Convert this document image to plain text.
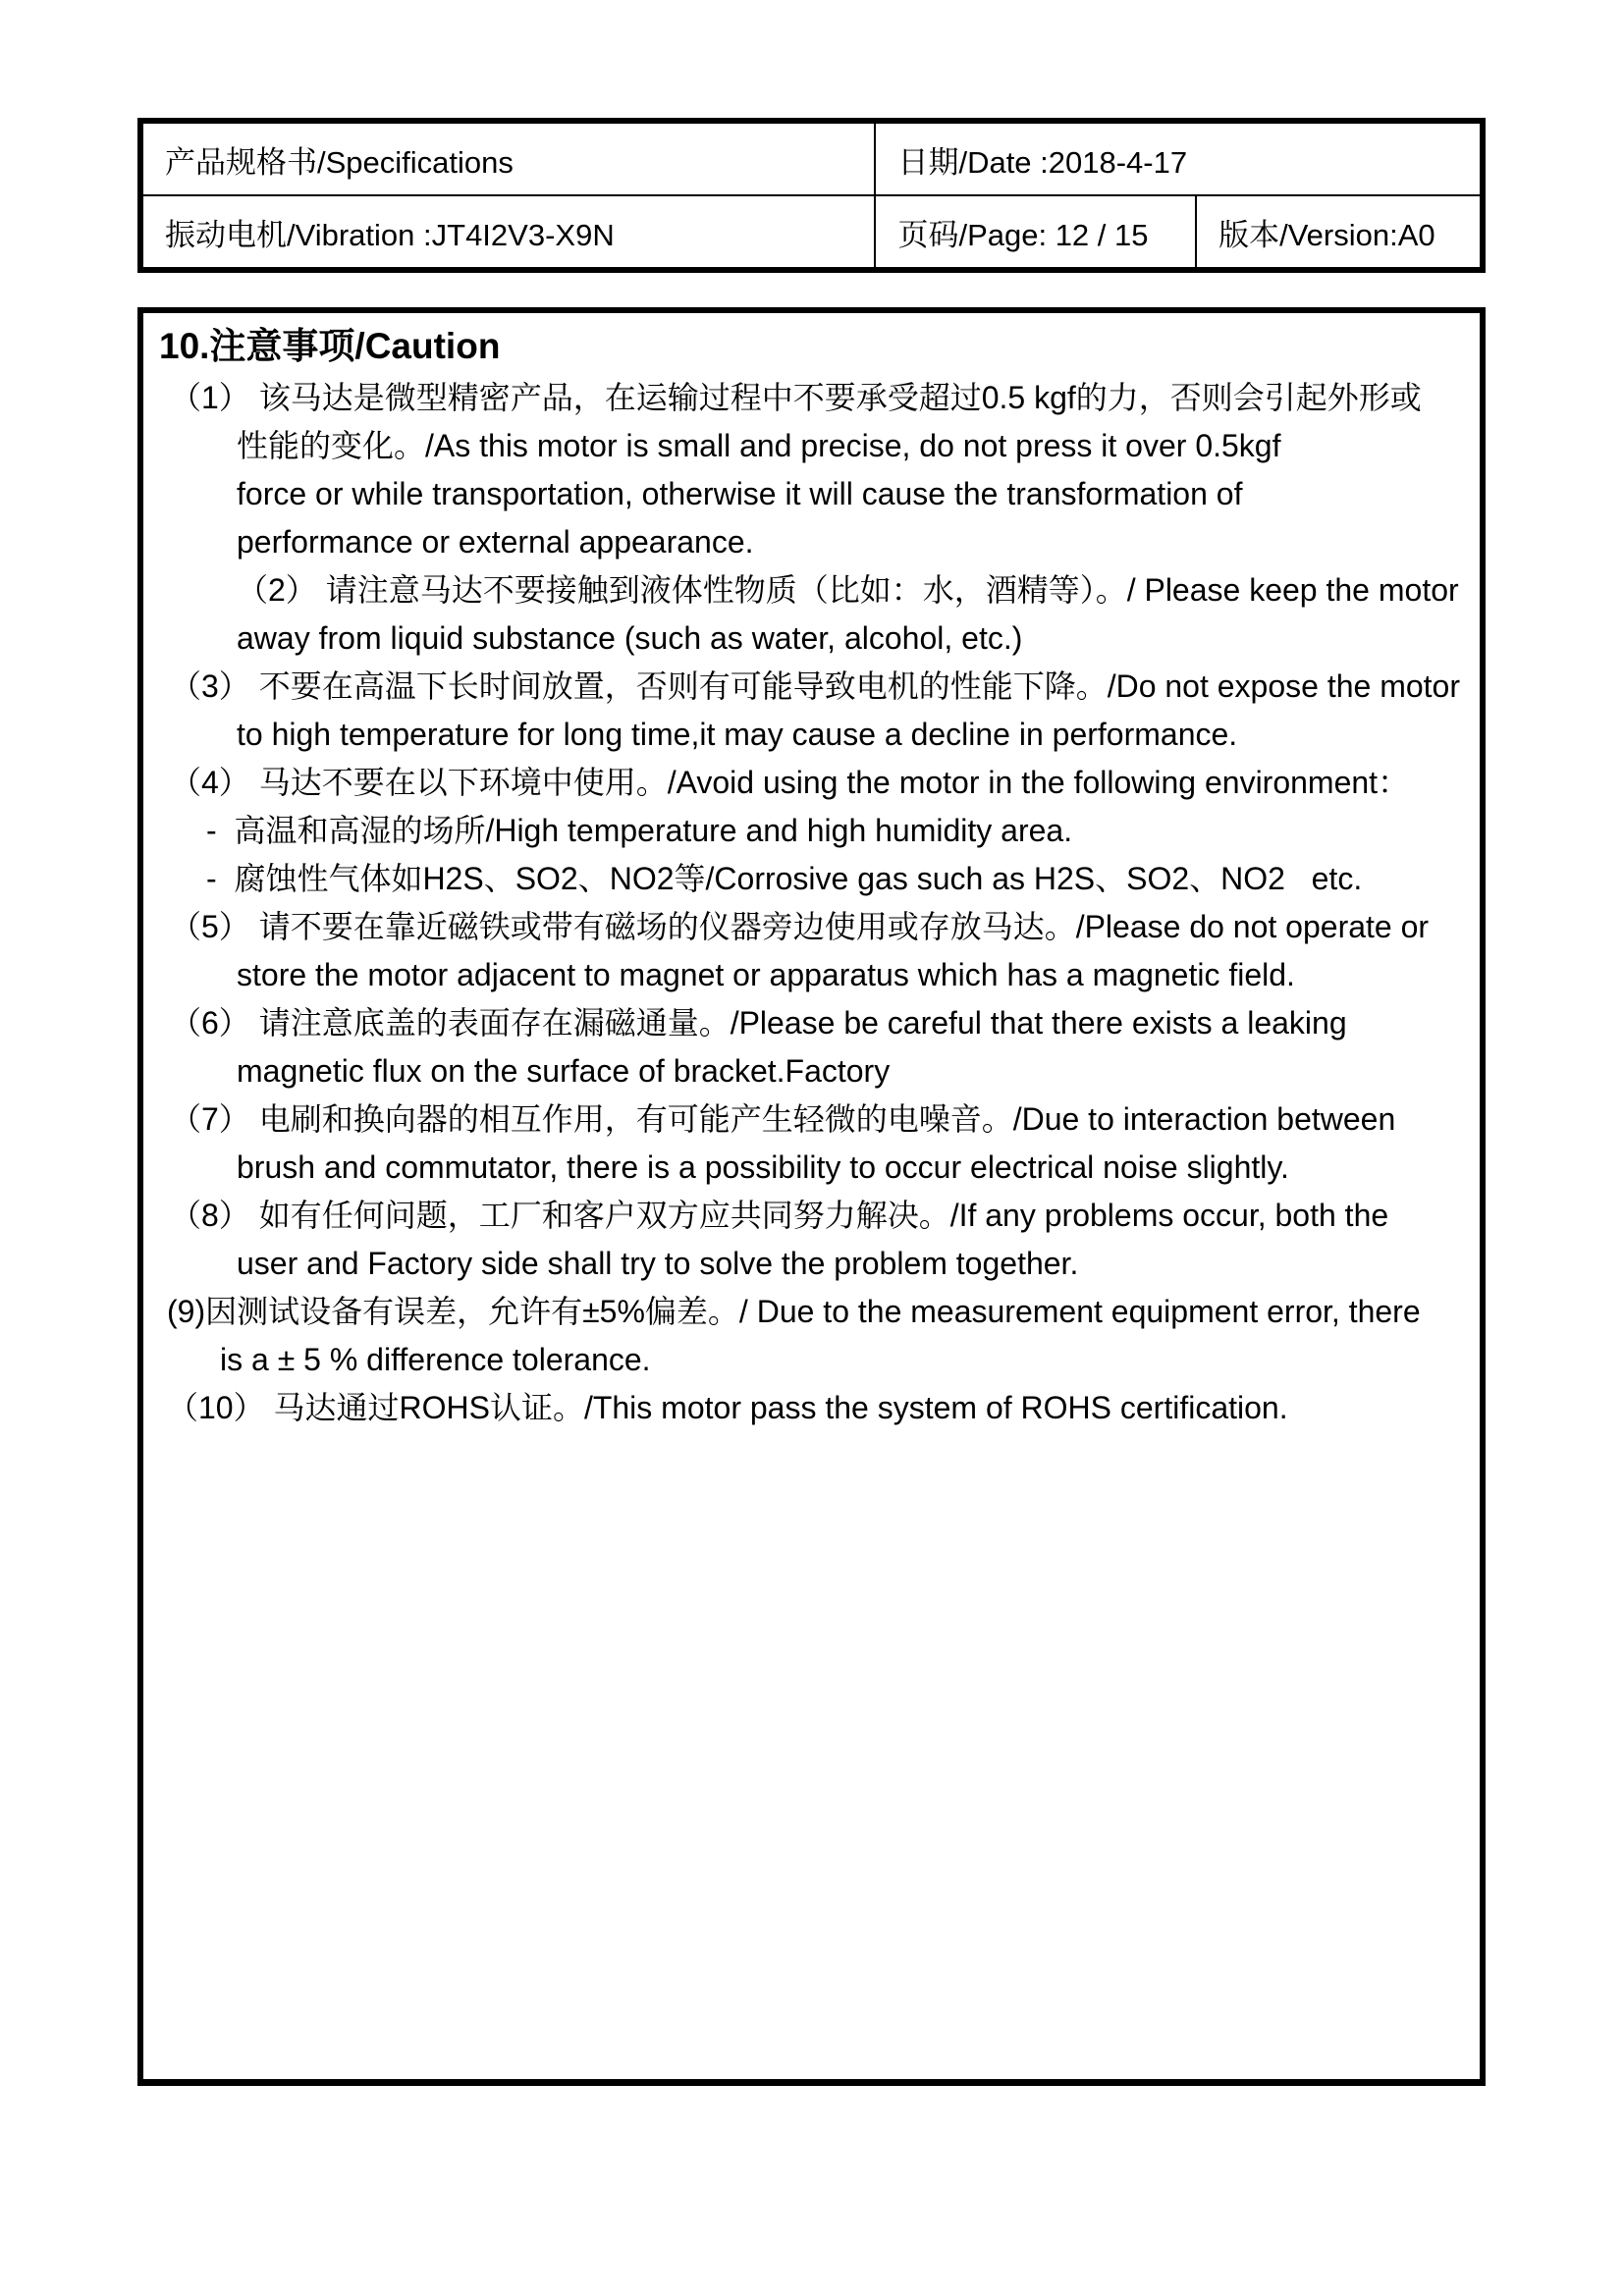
产品规格书/Specifications	日期/Date :2018-4-17
振动电机/Vibration :JT4I2V3-X9N	页码/Page: 12 / 15	版本/Version:A0
10.注意事项/Caution
（1） 该马达是微型精密产品，在运输过程中不要承受超过0.5 kgf的力，否则会引起外形或
性能的变化。/As this motor is small and precise, do not press it over 0.5kgf
force or while transportation, otherwise it will cause the transformation of
performance or external appearance.
（2） 请注意马达不要接触到液体性物质（比如：水，酒精等）。/ Please keep the motor
away from liquid substance (such as water, alcohol, etc.)
（3） 不要在高温下长时间放置，否则有可能导致电机的性能下降。/Do not expose the motor
to high temperature for long time,it may cause a decline in performance.
（4） 马达不要在以下环境中使用。/Avoid using the motor in the following environment：
-  高温和高湿的场所/High temperature and high humidity area.
-  腐蚀性气体如H2S、SO2、NO2等/Corrosive gas such as H2S、SO2、NO2   etc.
（5） 请不要在靠近磁铁或带有磁场的仪器旁边使用或存放马达。/Please do not operate or
store the motor adjacent to magnet or apparatus which has a magnetic field.
（6） 请注意底盖的表面存在漏磁通量。/Please be careful that there exists a leaking
magnetic flux on the surface of bracket.Factory
（7） 电刷和换向器的相互作用，有可能产生轻微的电噪音。/Due to interaction between
brush and commutator, there is a possibility to occur electrical noise slightly.
（8） 如有任何问题，工厂和客户双方应共同努力解决。/If any problems occur, both the
user and Factory side shall try to solve the problem together.
(9)因测试设备有误差，允许有±5%偏差。/ Due to the measurement equipment error, there
is a ± 5 % difference tolerance.
（10） 马达通过ROHS认证。/This motor pass the system of ROHS certification.
